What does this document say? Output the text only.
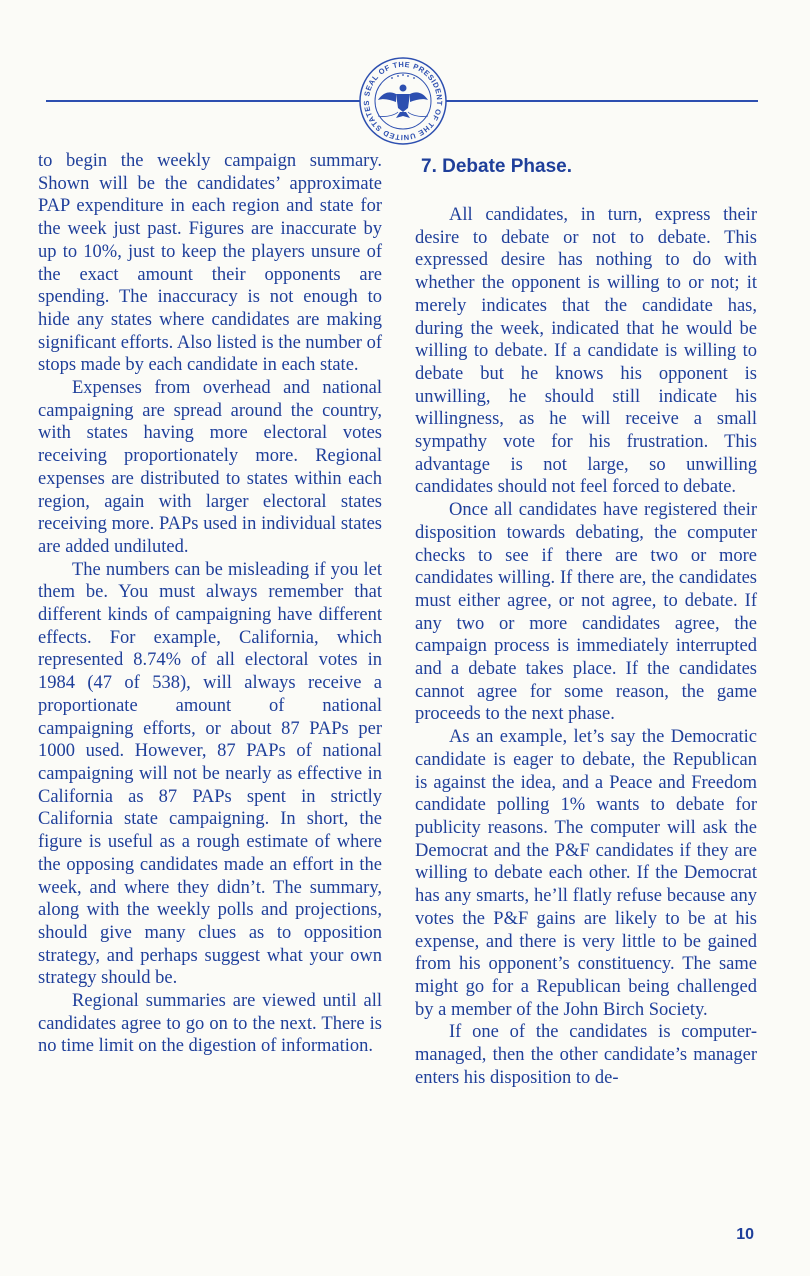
SEAL OF THE PRESIDENT OF THE UNITED STATES

to begin the weekly campaign summary. Shown will be the candidates’ approximate PAP expenditure in each region and state for the week just past. Figures are inaccurate by up to 10%, just to keep the players unsure of the exact amount their opponents are spending. The inaccuracy is not enough to hide any states where candidates are making significant efforts. Also listed is the number of stops made by each candidate in each state.

Expenses from overhead and national campaigning are spread around the country, with states having more electoral votes receiving proportionately more. Regional expenses are distributed to states within each region, again with larger electoral states receiving more. PAPs used in individual states are added undiluted.

The numbers can be misleading if you let them be. You must always remember that different kinds of campaigning have different effects. For example, California, which represented 8.74% of all electoral votes in 1984 (47 of 538), will always receive a proportionate amount of national campaigning efforts, or about 87 PAPs per 1000 used. However, 87 PAPs of national campaigning will not be nearly as effective in California as 87 PAPs spent in strictly California state campaigning. In short, the figure is useful as a rough estimate of where the opposing candidates made an effort in the week, and where they didn’t. The summary, along with the weekly polls and projections, should give many clues as to opposition strategy, and perhaps suggest what your own strategy should be.

Regional summaries are viewed until all candidates agree to go on to the next. There is no time limit on the digestion of information.

7. Debate Phase.

All candidates, in turn, express their desire to debate or not to debate. This expressed desire has nothing to do with whether the opponent is willing to or not; it merely indicates that the candidate has, during the week, indicated that he would be willing to debate. If a candidate is willing to debate but he knows his opponent is unwilling, he should still indicate his willingness, as he will receive a small sympathy vote for his frustration. This advantage is not large, so unwilling candidates should not feel forced to debate.

Once all candidates have registered their disposition towards debating, the computer checks to see if there are two or more candidates willing. If there are, the candidates must either agree, or not agree, to debate. If any two or more candidates agree, the campaign process is immediately interrupted and a debate takes place. If the candidates cannot agree for some reason, the game proceeds to the next phase.

As an example, let’s say the Democratic candidate is eager to debate, the Republican is against the idea, and a Peace and Freedom candidate polling 1% wants to debate for publicity reasons. The computer will ask the Democrat and the P&F candidates if they are willing to debate each other. If the Democrat has any smarts, he’ll flatly refuse because any votes the P&F gains are likely to be at his expense, and there is very little to be gained from his opponent’s constituency. The same might go for a Republican being challenged by a member of the John Birch Society.

If one of the candidates is computer-managed, then the other candidate’s manager enters his disposition to de-

10
